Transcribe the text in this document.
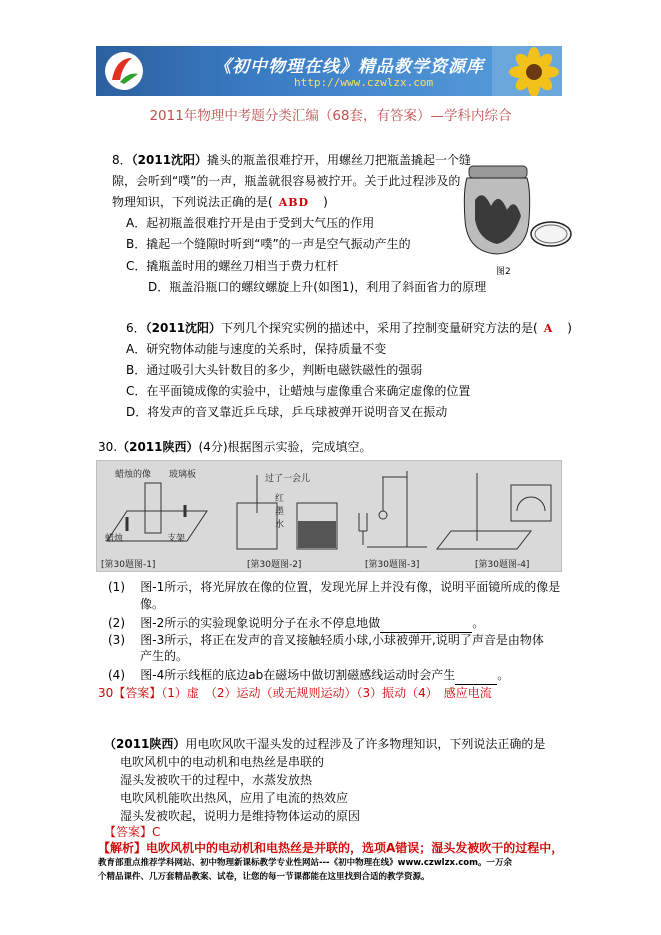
《初中物理在线》精品教学资源库
http://www.czwlzx.com
2011年物理中考题分类汇编（68套，有答案）—学科内综合
8．（2011沈阳）撬头的瓶盖很难拧开，用螺丝刀把瓶盖撬起一个缝
隙，会听到“噗”的一声，瓶盖就很容易被拧开。关于此过程涉及的
物理知识，下列说法正确的是( ABD )
A．起初瓶盖很难拧开是由于受到大气压的作用
B．撬起一个缝隙时听到“噗”的一声是空气振动产生的
C．撬瓶盖时用的螺丝刀相当于费力杠杆
D．瓶盖沿瓶口的螺纹螺旋上升(如图1)，利用了斜面省力的原理
图2
6．（2011沈阳）下列几个探究实例的描述中，采用了控制变量研究方法的是( A )
A．研究物体动能与速度的关系时，保持质量不变
B．通过吸引大头针数目的多少，判断电磁铁磁性的强弱
C．在平面镜成像的实验中，让蜡烛与虚像重合来确定虚像的位置
D．将发声的音叉靠近乒乓球，乒乓球被弹开说明音叉在振动
30.（2011陕西）(4分)根据图示实验，完成填空。
蜡烛的像 玻璃板
蜡烛	支架
过了一会儿
红墨水
[第30题图-1]	[第30题图-2]	[第30题图-3]	[第30题图-4]
(1) 图-1所示，将光屏放在像的位置，发现光屏上并没有像，说明平面镜所成的像是
像。
(2) 图-2所示的实验现象说明分子在永不停息地做	。
(3) 图-3所示，将正在发声的音叉接触轻质小球,小球被弹开,说明了声音是由物体
产生的。
(4) 图-4所示线框的底边ab在磁场中做切割磁感线运动时会产生	。
30【答案】（1）虚　（2）运动（或无规则运动）（3）振动（4）　感应电流
（2011陕西）用电吹风吹干湿头发的过程涉及了许多物理知识，下列说法正确的是
电吹风机中的电动机和电热丝是串联的
湿头发被吹干的过程中，水蒸发放热
电吹风机能吹出热风，应用了电流的热效应
湿头发被吹起，说明力是维持物体运动的原因
【答案】C
【解析】电吹风机中的电动机和电热丝是并联的，选项A错误；湿头发被吹干的过程中，
教育部重点推荐学科网站、初中物理新课标教学专业性网站---《初中物理在线》www.czwlzx.com。一万余
个精品课件、几万套精品教案、试卷，让您的每一节课都能在这里找到合适的教学资源。
